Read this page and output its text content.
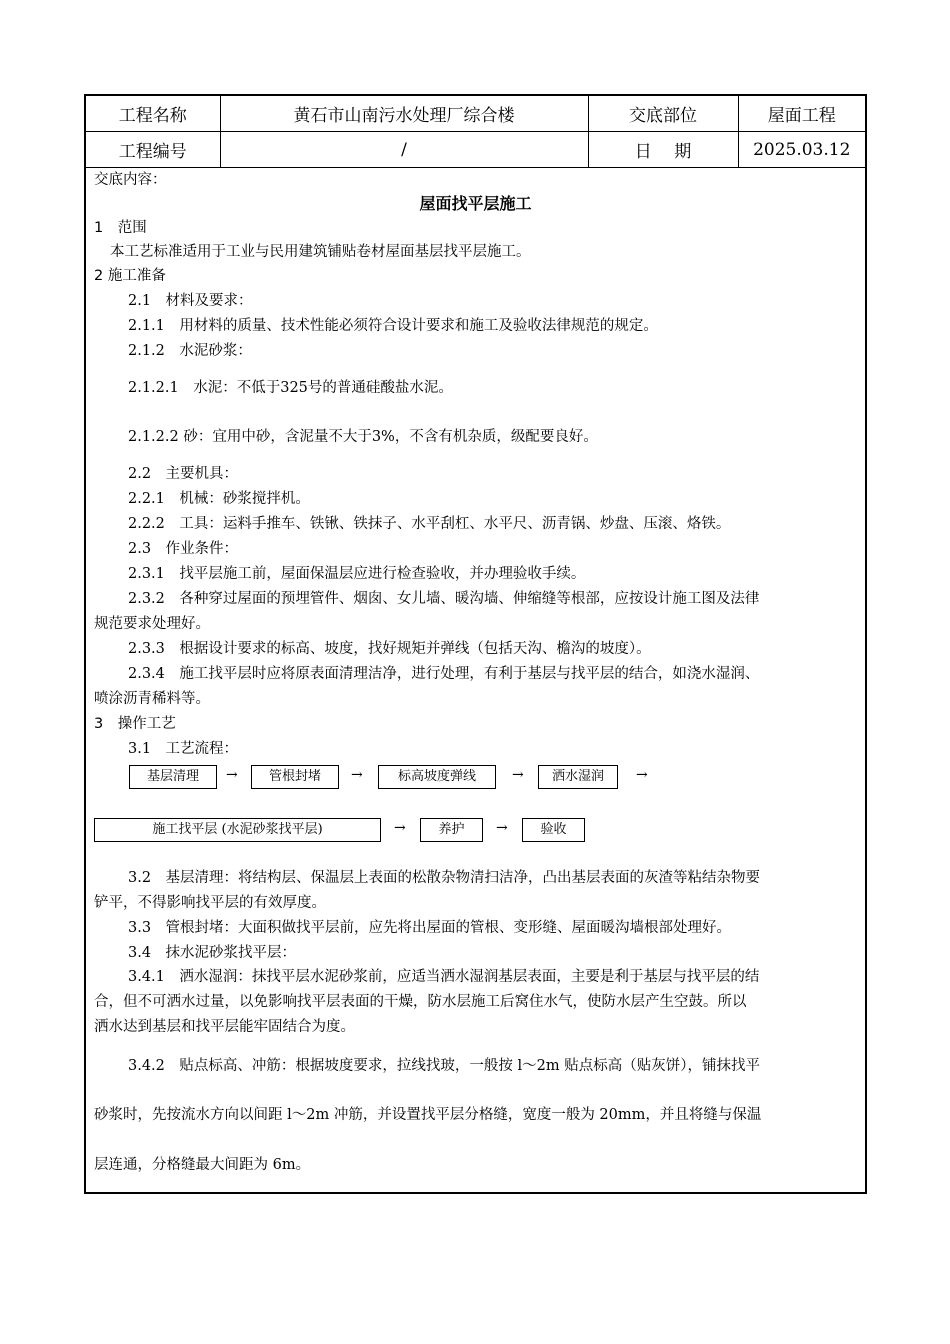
工程名称	黄石市山南污水处理厂综合楼	交底部位	屋面工程
工程编号	/	日　 期	2025.03.12
交底内容：
屋面找平层施工
1　范围
本工艺标准适用于工业与民用建筑铺贴卷材屋面基层找平层施工。
2 施工准备
2.1　材料及要求：
2.1.1　用材料的质量、技术性能必须符合设计要求和施工及验收法律规范的规定。
2.1.2　水泥砂浆：
2.1.2.1　水泥：不低于325号的普通硅酸盐水泥。
2.1.2.2 砂：宜用中砂，含泥量不大于3%，不含有机杂质，级配要良好。
2.2　主要机具：
2.2.1　机械：砂浆搅拌机。
2.2.2　工具：运料手推车、铁锹、铁抹子、水平刮杠、水平尺、沥青锅、炒盘、压滚、烙铁。
2.3　作业条件：
2.3.1　找平层施工前，屋面保温层应进行检查验收，并办理验收手续。
2.3.2　各种穿过屋面的预埋管件、烟囱、女儿墙、暖沟墙、伸缩缝等根部，应按设计施工图及法律
规范要求处理好。
2.3.3　根据设计要求的标高、坡度，找好规矩并弹线（包括天沟、檐沟的坡度）。
2.3.4　施工找平层时应将原表面清理洁净，进行处理，有利于基层与找平层的结合，如浇水湿润、
喷涂沥青稀料等。
3　操作工艺
3.1　工艺流程：
基层清理	→	管根封堵	→	标高坡度弹线	→	洒水湿润	→
施工找平层 (水泥砂浆找平层)	→	养护	→	验收
3.2　基层清理：将结构层、保温层上表面的松散杂物清扫洁净，凸出基层表面的灰渣等粘结杂物要
铲平，不得影响找平层的有效厚度。
3.3　管根封堵：大面积做找平层前，应先将出屋面的管根、变形缝、屋面暖沟墙根部处理好。
3.4　抹水泥砂浆找平层：
3.4.1　洒水湿润：抹找平层水泥砂浆前，应适当洒水湿润基层表面，主要是利于基层与找平层的结
合，但不可洒水过量，以免影响找平层表面的干燥，防水层施工后窝住水气，使防水层产生空鼓。所以
洒水达到基层和找平层能牢固结合为度。
3.4.2　贴点标高、冲筋：根据坡度要求，拉线找玻，一般按 l～2m 贴点标高（贴灰饼），铺抹找平
砂浆时，先按流水方向以间距 l～2m 冲筋，并设置找平层分格缝，宽度一般为 20mm，并且将缝与保温
层连通，分格缝最大间距为 6m。
